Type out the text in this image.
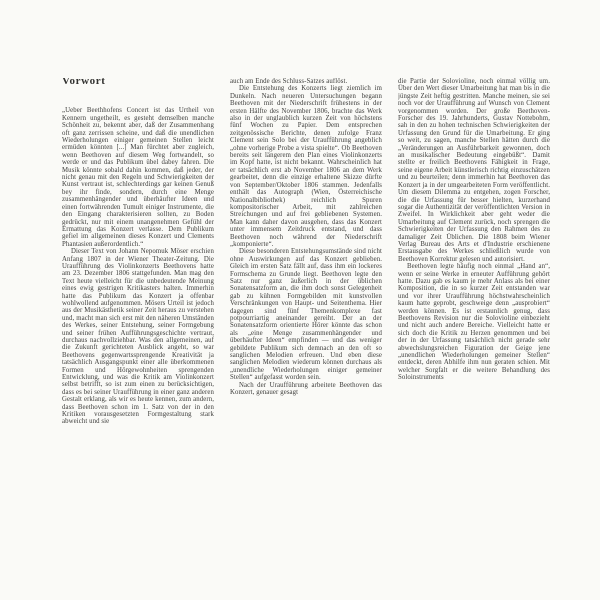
Vorwort

„Ueber Beethhofens Concert ist das Urtheil von Kennern ungetheilt, es gesteht demselben manche Schönheit zu, bekennt aber, daß der Zusammenhang oft ganz zerrissen scheine, und daß die unendlichen Wiederholungen einiger gemeinen Stellen leicht ermüden könnten [...] Man fürchtet aber zugleich, wenn Beethoven auf diesem Weg fortwandelt, so werde er und das Publikum übel dabey fahren. Die Musik könnte sobald dahin kommen, daß jeder, der nicht genau mit den Regeln und Schwierigkeiten der Kunst vertraut ist, schlechterdings gar keinen Genuß bey ihr finde, sondern, durch eine Menge zusammenhängender und überhäufter Ideen und einen fortwährenden Tumult einiger Instrumente, die den Eingang charakterisieren sollten, zu Boden gedrückt, nur mit einem unangenehmen Gefühl der Ermattung das Konzert verlasse. Dem Publikum gefiel im allgemeinen dieses Konzert und Clements Phantasien außerordentlich.“

Dieser Text von Johann Nepomuk Möser erschien Anfang 1807 in der Wiener Theater-Zeitung. Die Uraufführung des Violinkonzerts Beethovens hatte am 23. Dezember 1806 stattgefunden. Man mag den Text heute vielleicht für die unbedeutende Meinung eines ewig gestrigen Kritikasters halten. Immerhin hatte das Publikum das Konzert ja offenbar wohlwollend aufgenommen. Mösers Urteil ist jedoch aus der Musikästhetik seiner Zeit heraus zu verstehen und, macht man sich erst mit den näheren Umständen des Werkes, seiner Entstehung, seiner Formgebung und seiner frühen Aufführungsgeschichte vertraut, durchaus nachvollziehbar. Was den allgemeinen, auf die Zukunft gerichteten Ausblick angeht, so war Beethovens gegenwartssprengende Kreativität ja tatsächlich Ausgangspunkt einer alle überkommenen Formen und Hörgewohnheiten sprengenden Entwicklung, und was die Kritik am Violinkonzert selbst betrifft, so ist zum einen zu berücksichtigen, dass es bei seiner Uraufführung in einer ganz anderen Gestalt erklang, als wir es heute kennen, zum andern, dass Beethoven schon im 1. Satz von der in den Kritiken vorausgesetzten Formgestaltung stark abweicht und sie

auch am Ende des Schluss-Satzes auflöst.

Die Entstehung des Konzerts liegt ziemlich im Dunkeln. Nach neueren Untersuchungen begann Beethoven mit der Niederschrift frühestens in der ersten Hälfte des November 1806, brachte das Werk also in der unglaublich kurzen Zeit von höchstens fünf Wochen zu Papier. Dem entsprechen zeitgenössische Berichte, denen zufolge Franz Clement sein Solo bei der Uraufführung angeblich „ohne vorherige Probe a vista spielte“. Ob Beethoven bereits seit längerem den Plan eines Violinkonzerts im Kopf hatte, ist nicht bekannt. Wahrscheinlich hat er tatsächlich erst ab November 1806 an dem Werk gearbeitet, denn die einzige erhaltene Skizze dürfte von September/Oktober 1806 stammen. Jedenfalls enthält das Autograph (Wien, Österreichische Nationalbibliothek) reichlich Spuren kompositorischer Arbeit, mit zahlreichen Streichungen und auf frei gebliebenen Systemen. Man kann daher davon ausgehen, dass das Konzert unter immensem Zeitdruck entstand, und dass Beethoven noch während der Niederschrift „komponierte“.

Diese besonderen Entstehungsumstände sind nicht ohne Auswirkungen auf das Konzert geblieben. Gleich im ersten Satz fällt auf, dass ihm ein lockeres Formschema zu Grunde liegt. Beethoven legte den Satz nur ganz äußerlich in der üblichen Sonatensatzform an, die ihm doch sonst Gelegenheit gab zu kühnen Formgebilden mit kunstvollen Verschränkungen von Haupt- und Seitenthema. Hier dagegen sind fünf Themenkomplexe fast potpourriartig aneinander gereiht. Der an der Sonatensatzform orientierte Hörer könnte das schon als „eine Menge zusammenhängender und überhäufter Ideen“ empfinden — und das weniger gebildete Publikum sich demnach an den oft so sanglichen Melodien erfreuen. Und eben diese sanglichen Melodien wiederum können durchaus als „unendliche Wiederholungen einiger gemeiner Stellen“ aufgefasst worden sein.

Nach der Uraufführung arbeitete Beethoven das Konzert, genauer gesagt

die Partie der Solovioline, noch einmal völlig um. Über den Wert dieser Umarbeitung hat man bis in die jüngste Zeit heftig gestritten. Manche meinen, sie sei noch vor der Uraufführung auf Wunsch von Clement vorgenommen worden. Der große Beethoven-Forscher des 19. Jahrhunderts, Gustav Nottebohm, sah in den zu hohen technischen Schwierigkeiten der Urfassung den Grund für die Umarbeitung. Er ging so weit, zu sagen, manche Stellen hätten durch die „Veränderungen an Ausführbarkeit gewonnen, doch an musikalischer Bedeutung eingebüßt“. Damit stellte er freilich Beethovens Fähigkeit in Frage, seine eigene Arbeit künstlerisch richtig einzuschätzen und zu beurteilen; denn immerhin hat Beethoven das Konzert ja in der umgearbeiteten Form veröffentlicht. Um diesem Dilemma zu entgehen, zogen Forscher, die die Urfassung für besser hielten, kurzerhand sogar die Authentizität der veröffentlichten Version in Zweifel. In Wirklichkeit aber geht weder die Umarbeitung auf Clement zurück, noch sprengen die Schwierigkeiten der Urfassung den Rahmen des zu damaliger Zeit Üblichen. Die 1808 beim Wiener Verlag Bureau des Arts et d'Industrie erschienene Erstausgabe des Werkes schließlich wurde von Beethoven Korrektur gelesen und autorisiert.

Beethoven legte häufig noch einmal „Hand an“, wenn er seine Werke in erneuter Aufführung gehört hatte. Dazu gab es kaum je mehr Anlass als bei einer Komposition, die in so kurzer Zeit entstanden war und vor ihrer Uraufführung höchstwahrscheinlich kaum hatte geprobt, geschweige denn „ausprobiert“ werden können. Es ist erstaunlich genug, dass Beethovens Revision nur die Solovioline einbezieht und nicht auch andere Bereiche. Vielleicht hatte er sich doch die Kritik zu Herzen genommen und bei der in der Urfassung tatsächlich nicht gerade sehr abwechslungsreichen Figuration der Geige jene „unendlichen Wiederholungen gemeiner Stellen“ entdeckt, deren Abhilfe ihm nun geraten schien. Mit welcher Sorgfalt er die weitere Behandlung des Soloinstruments
